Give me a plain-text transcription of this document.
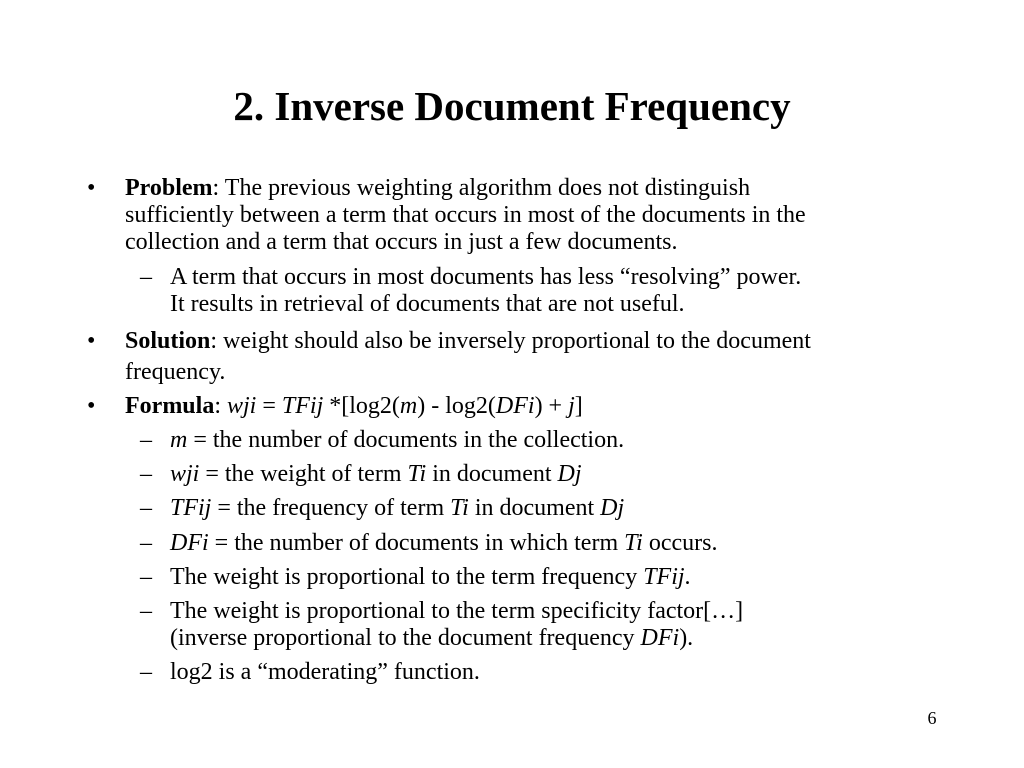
2. Inverse Document Frequency
• Problem: The previous weighting algorithm does not distinguish
sufficiently between a term that occurs in most of the documents in the
collection and a term that occurs in just a few documents.
– A term that occurs in most documents has less “resolving” power.
It results in retrieval of documents that are not useful.
• Solution: weight should also be inversely proportional to the document
frequency.
• Formula: wji = TFij *[log2(m) - log2(DFi) + j]
– m = the number of documents in the collection.
– wji = the weight of term Ti in document Dj
– TFij = the frequency of term Ti in document Dj
– DFi = the number of documents in which term Ti occurs.
– The weight is proportional to the term frequency TFij.
– The weight is proportional to the term specificity factor[…]
(inverse proportional to the document frequency DFi).
– log2 is a “moderating” function.
6
